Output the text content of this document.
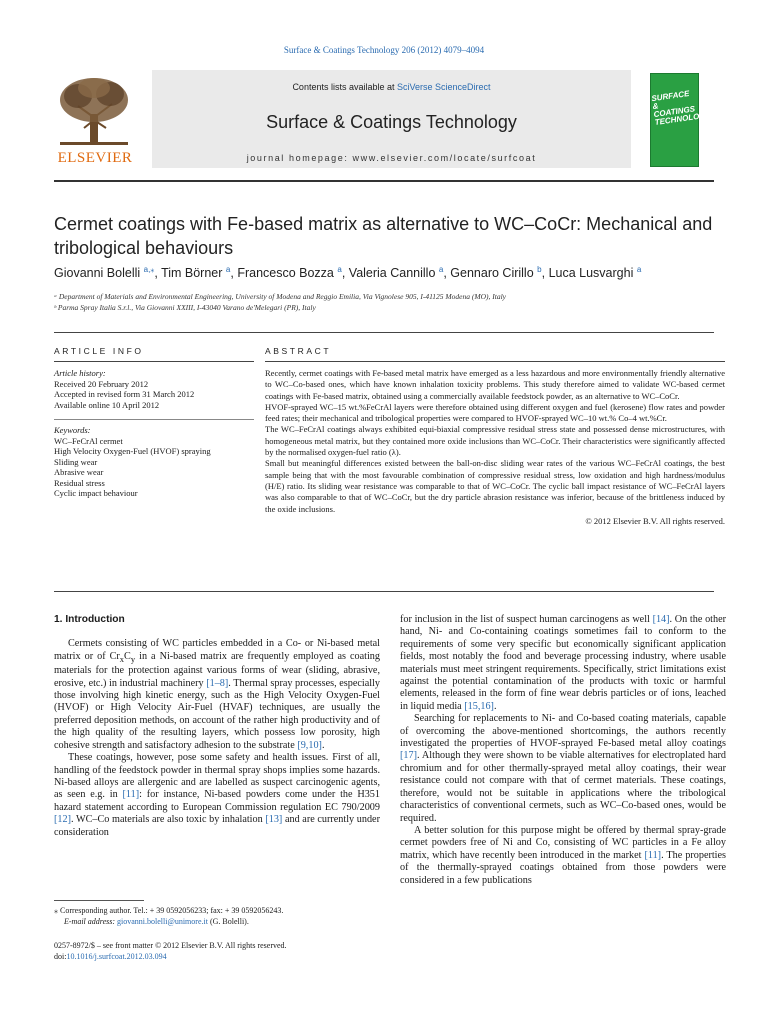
Surface & Coatings Technology 206 (2012) 4079–4094
ELSEVIER
Contents lists available at SciVerse ScienceDirect
Surface & Coatings Technology
journal homepage: www.elsevier.com/locate/surfcoat
SURFACE & COATINGS TECHNOLOGY
Cermet coatings with Fe-based matrix as alternative to WC–CoCr: Mechanical and tribological behaviours
Giovanni Bolelli $^{a,⁎}$, Tim Börner $^a$, Francesco Bozza $^a$, Valeria Cannillo $^a$, Gennaro Cirillo $^b$, Luca Lusvarghi $^a$
ᵃ Department of Materials and Environmental Engineering, University of Modena and Reggio Emilia, Via Vignolese 905, I-41125 Modena (MO), Italy
ᵇ Parma Spray Italia S.r.l., Via Giovanni XXIII, I-43040 Varano de'Melegari (PR), Italy
ARTICLE INFO	ABSTRACT
Article history:
Received 20 February 2012
Accepted in revised form 31 March 2012
Available online 10 April 2012
Keywords:
WC–FeCrAl cermet
High Velocity Oxygen-Fuel (HVOF) spraying
Sliding wear
Abrasive wear
Residual stress
Cyclic impact behaviour

Recently, cermet coatings with Fe-based metal matrix have emerged as a less hazardous and more environmentally friendly alternative to WC–Co-based ones, which have known inhalation toxicity problems. This study therefore aimed to validate WC-based cermet coatings with Fe-based matrix, obtained using a commercially available feedstock powder, as an alternative to WC–CoCr.

HVOF-sprayed WC–15 wt.%FeCrAl layers were therefore obtained using different oxygen and fuel (kerosene) flow rates and powder feed rates; their mechanical and tribological properties were compared to HVOF-sprayed WC–10 wt.% Co–4 wt.%Cr.

The WC–FeCrAl coatings always exhibited equi-biaxial compressive residual stress state and possessed dense microstructures, with homogeneous metal matrix, but they contained more oxide inclusions than WC–CoCr. Their characteristics were significantly affected by the normalised oxygen-fuel ratio (λ).

Small but meaningful differences existed between the ball-on-disc sliding wear rates of the various WC–FeCrAl coatings, the best sample being that with the most favourable combination of compressive residual stress, low oxidation and high hardness/modulus (H/E) ratio. Its sliding wear resistance was comparable to that of WC–CoCr. The cyclic ball impact resistance of WC–FeCrAl layers was also comparable to that of WC–CoCr, but the dry particle abrasion resistance was inferior, because of the brittleness induced by the oxide inclusions.

© 2012 Elsevier B.V. All rights reserved.

1. Introduction

Cermets consisting of WC particles embedded in a Co- or Ni-based metal matrix or of $Cr_xC_y$ in a Ni-based matrix are frequently employed as coating materials for the protection against various forms of wear (sliding, abrasive, erosive, etc.) in industrial machinery [1–8]. Thermal spray processes, especially those involving high kinetic energy, such as the High Velocity Oxygen-Fuel (HVOF) or High Velocity Air-Fuel (HVAF) techniques, are usually the preferred deposition methods, on account of the rather high productivity and of the high quality of the resulting layers, which possess low porosity, high cohesive strength and satisfactory adhesion to the substrate [9,10].

These coatings, however, pose some safety and health issues. First of all, handling of the feedstock powder in thermal spray shops implies some hazards. Ni-based alloys are allergenic and are labelled as suspect carcinogenic agents, as seen e.g. in [11]: for instance, Ni-based powders come under the H351 hazard statement according to European Commission regulation EC 790/2009 [12]. WC–Co materials are also toxic by inhalation [13] and are currently under consideration

for inclusion in the list of suspect human carcinogens as well [14]. On the other hand, Ni- and Co-containing coatings sometimes fail to conform to the requirements of some very specific but economically significant application fields, most notably the food and beverage processing industry, where usable materials must meet stringent requirements. Specifically, strict limitations exist against the potential contamination of the products with toxic or harmful elements, released in the form of fine wear debris particles or of ions, leached in liquid media [15,16].

Searching for replacements to Ni- and Co-based coating materials, capable of overcoming the above-mentioned shortcomings, the authors recently investigated the properties of HVOF-sprayed Fe-based metal alloy coatings [17]. Although they were shown to be viable alternatives for electroplated hard chromium and for other thermally-sprayed metal alloy coatings, their wear resistance could not compare with that of cermet materials. These coatings, therefore, would not be suitable in applications where the tribological characteristics of conventional cermets, such as WC–Co-based ones, would be required.

A better solution for this purpose might be offered by thermal spray-grade cermet powders free of Ni and Co, consisting of WC particles in a Fe alloy matrix, which have recently been introduced in the market [11]. The properties of the thermally-sprayed coatings obtained from those powders were considered in a few publications

⁎ Corresponding author. Tel.: + 39 0592056233; fax: + 39 0592056243.
E-mail address: giovanni.bolelli@unimore.it (G. Bolelli).
0257-8972/$ – see front matter © 2012 Elsevier B.V. All rights reserved.
doi:10.1016/j.surfcoat.2012.03.094
